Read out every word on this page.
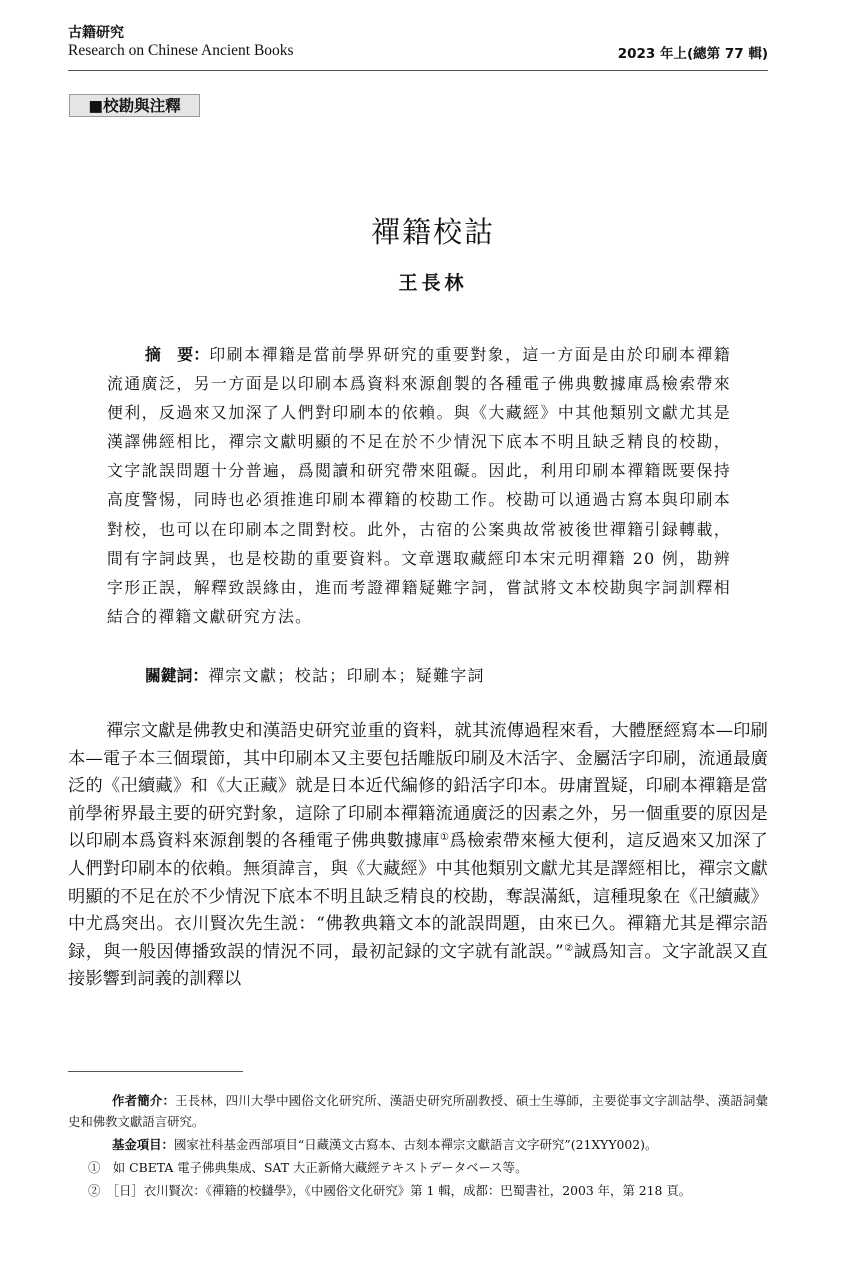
古籍研究
Research on Chinese Ancient Books	2023 年上(總第 77 輯)
■校勘與注釋
禪籍校詁
王長林

摘　要：印刷本禪籍是當前學界研究的重要對象，這一方面是由於印刷本禪籍流通廣泛，另一方面是以印刷本爲資料來源創製的各種電子佛典數據庫爲檢索帶來便利，反過來又加深了人們對印刷本的依賴。與《大藏經》中其他類别文獻尤其是漢譯佛經相比，禪宗文獻明顯的不足在於不少情況下底本不明且缺乏精良的校勘，文字訛誤問題十分普遍，爲閲讀和研究帶來阻礙。因此，利用印刷本禪籍既要保持高度警惕，同時也必須推進印刷本禪籍的校勘工作。校勘可以通過古寫本與印刷本對校，也可以在印刷本之間對校。此外，古宿的公案典故常被後世禪籍引録轉載，間有字詞歧異，也是校勘的重要資料。文章選取藏經印本宋元明禪籍 20 例，勘辨字形正誤，解釋致誤緣由，進而考證禪籍疑難字詞，嘗試將文本校勘與字詞訓釋相結合的禪籍文獻研究方法。

關鍵詞：禪宗文獻；校詁；印刷本；疑難字詞

禪宗文獻是佛教史和漢語史研究並重的資料，就其流傳過程來看，大體歷經寫本—印刷本—電子本三個環節，其中印刷本又主要包括雕版印刷及木活字、金屬活字印刷，流通最廣泛的《卍續藏》和《大正藏》就是日本近代編修的鉛活字印本。毋庸置疑，印刷本禪籍是當前學術界最主要的研究對象，這除了印刷本禪籍流通廣泛的因素之外，另一個重要的原因是以印刷本爲資料來源創製的各種電子佛典數據庫①爲檢索帶來極大便利，這反過來又加深了人們對印刷本的依賴。無須諱言，與《大藏經》中其他類别文獻尤其是譯經相比，禪宗文獻明顯的不足在於不少情況下底本不明且缺乏精良的校勘，奪誤滿紙，這種現象在《卍續藏》中尤爲突出。衣川賢次先生説：“佛教典籍文本的訛誤問題，由來已久。禪籍尤其是禪宗語録，與一般因傳播致誤的情況不同，最初記録的文字就有訛誤。”②誠爲知言。文字訛誤又直接影響到詞義的訓釋以

作者簡介：王長林，四川大學中國俗文化研究所、漢語史研究所副教授、碩士生導師，主要從事文字訓詁學、漢語詞彙史和佛教文獻語言研究。

基金項目：國家社科基金西部項目“日藏漢文古寫本、古刻本禪宗文獻語言文字研究”(21XYY002)。

①　 如 CBETA 電子佛典集成、SAT 大正新脩大藏經テキストデータベース等。

②　 ［日］衣川賢次：《禪籍的校讎學》，《中國俗文化研究》第 1 輯，成都：巴蜀書社，2003 年，第 218 頁。
